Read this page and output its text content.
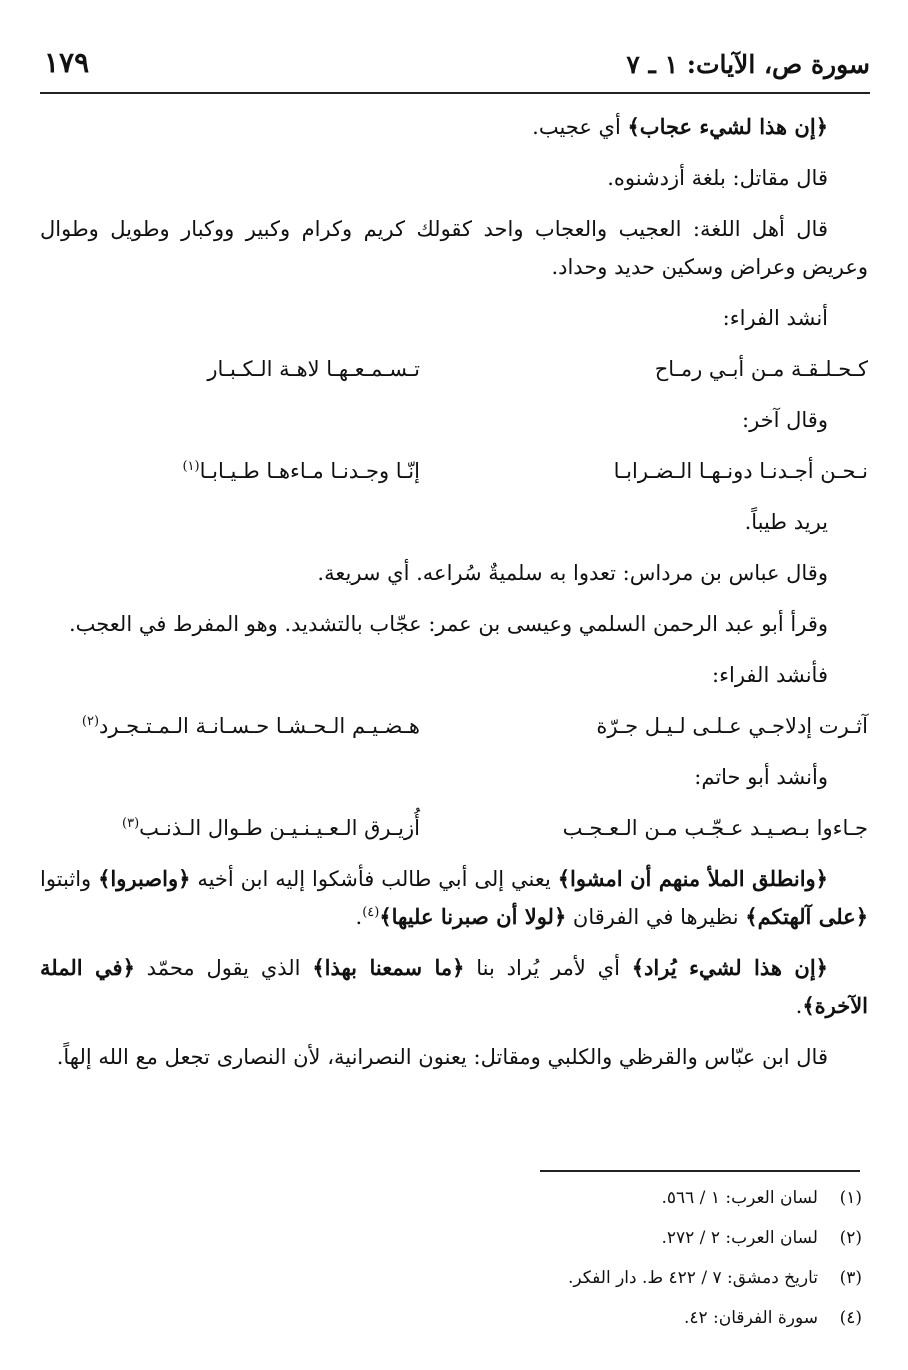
سورة ص، الآيات: ١ ـ ٧
١٧٩

﴿إن هذا لشيء عجاب﴾ أي عجيب.

قال مقاتل: بلغة أزدشنوه.

قال أهل اللغة: العجيب والعجاب واحد كقولك كريم وكرام وكبير ووكبار وطويل وطوال وعريض وعراض وسكين حديد وحداد.

أنشد الفراء:

كـحـلـقـة مـن أبـي رمـاح
تـسـمـعـهـا لاهـة الـكـبـار

وقال آخر:

نـحـن أجـدنـا دونـهـا الـضـرابـا
إنّـا وجـدنـا مـاءهـا طـيـابـا$^{(١)}$

يريد طيباً.

وقال عباس بن مرداس: تعدوا به سلميةٌ سُراعه. أي سريعة.

وقرأ أبو عبد الرحمن السلمي وعيسى بن عمر: عجّاب بالتشديد. وهو المفرط في العجب.

فأنشد الفراء:

آثـرت إدلاجـي عـلـى لـيـل جـرّة
هـضـيـم الـحـشـا حـسـانـة الـمـتـجـرد$^{(٢)}$

وأنشد أبو حاتم:

جـاءوا بـصـيـد عـجّـب مـن الـعـجـب
أُزيـرق الـعـيـنـيـن طـوال الـذنـب$^{(٣)}$

﴿وانطلق الملأ منهم أن امشوا﴾ يعني إلى أبي طالب فأشكوا إليه ابن أخيه ﴿واصبروا﴾ واثبتوا ﴿على آلهتكم﴾ نظيرها في الفرقان ﴿لولا أن صبرنا عليها﴾$^{(٤)}$.

﴿إن هذا لشيء يُراد﴾ أي لأمر يُراد بنا ﴿ما سمعنا بهذا﴾ الذي يقول محمّد ﴿في الملة الآخرة﴾.

قال ابن عبّاس والقرظي والكلبي ومقاتل: يعنون النصرانية، لأن النصارى تجعل مع الله إلهاً.

(١)لسان العرب: ١ / ٥٦٦.
(٢)لسان العرب: ٢ / ٢٧٢.
(٣)تاريخ دمشق: ٧ / ٤٢٢ ط. دار الفكر.
(٤)سورة الفرقان: ٤٢.
